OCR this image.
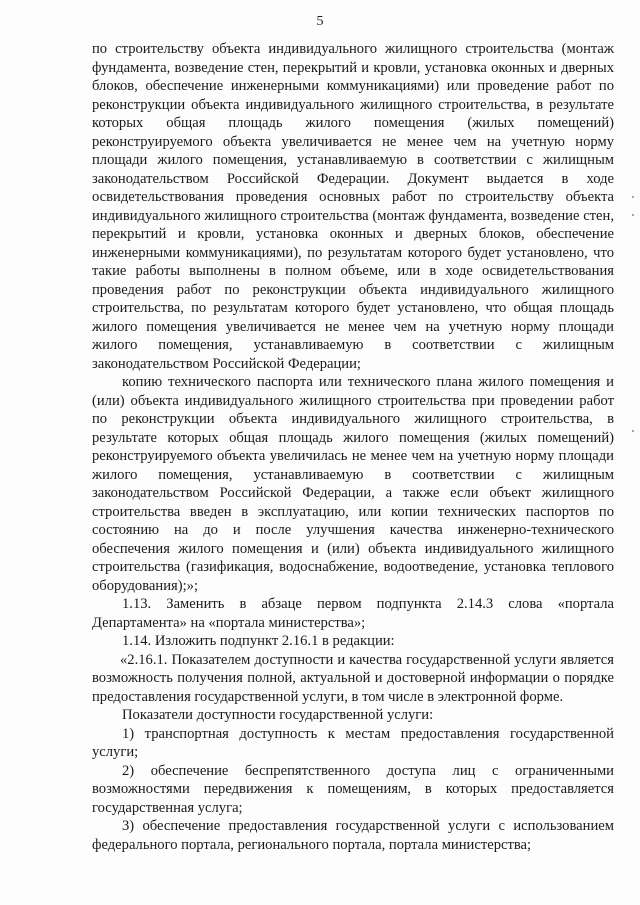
5

по строительству объекта индивидуального жилищного строительства (монтаж фундамента, возведение стен, перекрытий и кровли, установка оконных и дверных блоков, обеспечение инженерными коммуникациями) или проведение работ по реконструкции объекта индивидуального жилищного строительства, в результате которых общая площадь жилого помещения (жилых помещений) реконструируемого объекта увеличивается не менее чем на учетную норму площади жилого помещения, устанавливаемую в соответствии с жилищным законодательством Российской Федерации. Документ выдается в ходе освидетельствования проведения основных работ по строительству объекта индивидуального жилищного строительства (монтаж фундамента, возведение стен, перекрытий и кровли, установка оконных и дверных блоков, обеспечение инженерными коммуникациями), по результатам которого будет установлено, что такие работы выполнены в полном объеме, или в ходе освидетельствования проведения работ по реконструкции объекта индивидуального жилищного строительства, по результатам которого будет установлено, что общая площадь жилого помещения увеличивается не менее чем на учетную норму площади жилого помещения, устанавливаемую в соответствии с жилищным законодательством Российской Федерации;

копию технического паспорта или технического плана жилого помещения и (или) объекта индивидуального жилищного строительства при проведении работ по реконструкции объекта индивидуального жилищного строительства, в результате которых общая площадь жилого помещения (жилых помещений) реконструируемого объекта увеличилась не менее чем на учетную норму площади жилого помещения, устанавливаемую в соответствии с жилищным законодательством Российской Федерации, а также если объект жилищного строительства введен в эксплуатацию, или копии технических паспортов по состоянию на до и после улучшения качества инженерно-технического обеспечения жилого помещения и (или) объекта индивидуального жилищного строительства (газификация, водоснабжение, водоотведение, установка теплового оборудования);»;

1.13. Заменить в абзаце первом подпункта 2.14.3 слова «портала Департамента» на «портала министерства»;

1.14. Изложить подпункт 2.16.1 в редакции:

«2.16.1. Показателем доступности и качества государственной услуги является возможность получения полной, актуальной и достоверной информации о порядке предоставления государственной услуги, в том числе в электронной форме.

Показатели доступности государственной услуги:

1) транспортная доступность к местам предоставления государственной услуги;

2) обеспечение беспрепятственного доступа лиц с ограниченными возможностями передвижения к помещениям, в которых предоставляется государственная услуга;

3) обеспечение предоставления государственной услуги с использованием федерального портала, регионального портала, портала министерства;
